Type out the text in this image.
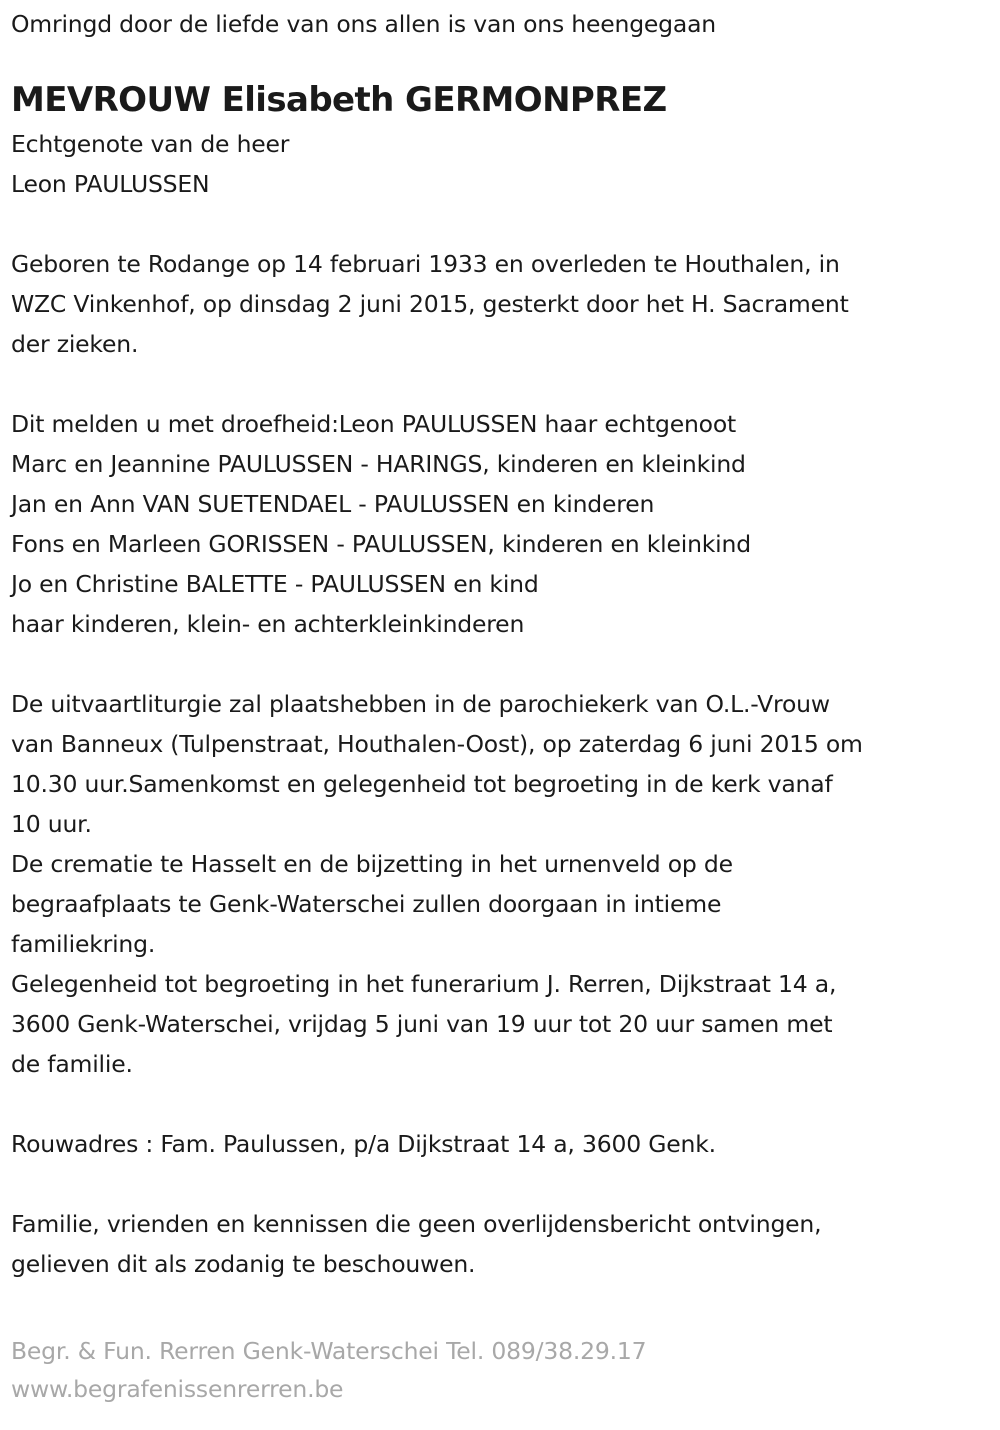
Omringd door de liefde van ons allen is van ons heengegaan
MEVROUW Elisabeth GERMONPREZ
Echtgenote van de heer
Leon PAULUSSEN
Geboren te Rodange op 14 februari 1933 en overleden te Houthalen, in
WZC Vinkenhof, op dinsdag 2 juni 2015, gesterkt door het H. Sacrament
der zieken.
Dit melden u met droefheid:Leon PAULUSSEN haar echtgenoot
Marc en Jeannine PAULUSSEN - HARINGS, kinderen en kleinkind
Jan en Ann VAN SUETENDAEL - PAULUSSEN en kinderen
Fons en Marleen GORISSEN - PAULUSSEN, kinderen en kleinkind
Jo en Christine BALETTE - PAULUSSEN en kind
haar kinderen, klein- en achterkleinkinderen
De uitvaartliturgie zal plaatshebben in de parochiekerk van O.L.-Vrouw
van Banneux (Tulpenstraat, Houthalen-Oost), op zaterdag 6 juni 2015 om
10.30 uur.Samenkomst en gelegenheid tot begroeting in de kerk vanaf
10 uur.
De crematie te Hasselt en de bijzetting in het urnenveld op de
begraafplaats te Genk-Waterschei zullen doorgaan in intieme
familiekring.
Gelegenheid tot begroeting in het funerarium J. Rerren, Dijkstraat 14 a,
3600 Genk-Waterschei, vrijdag 5 juni van 19 uur tot 20 uur samen met
de familie.
Rouwadres : Fam. Paulussen, p/a Dijkstraat 14 a, 3600 Genk.
Familie, vrienden en kennissen die geen overlijdensbericht ontvingen,
gelieven dit als zodanig te beschouwen.
Begr. & Fun. Rerren Genk-Waterschei Tel. 089/38.29.17
www.begrafenissenrerren.be
